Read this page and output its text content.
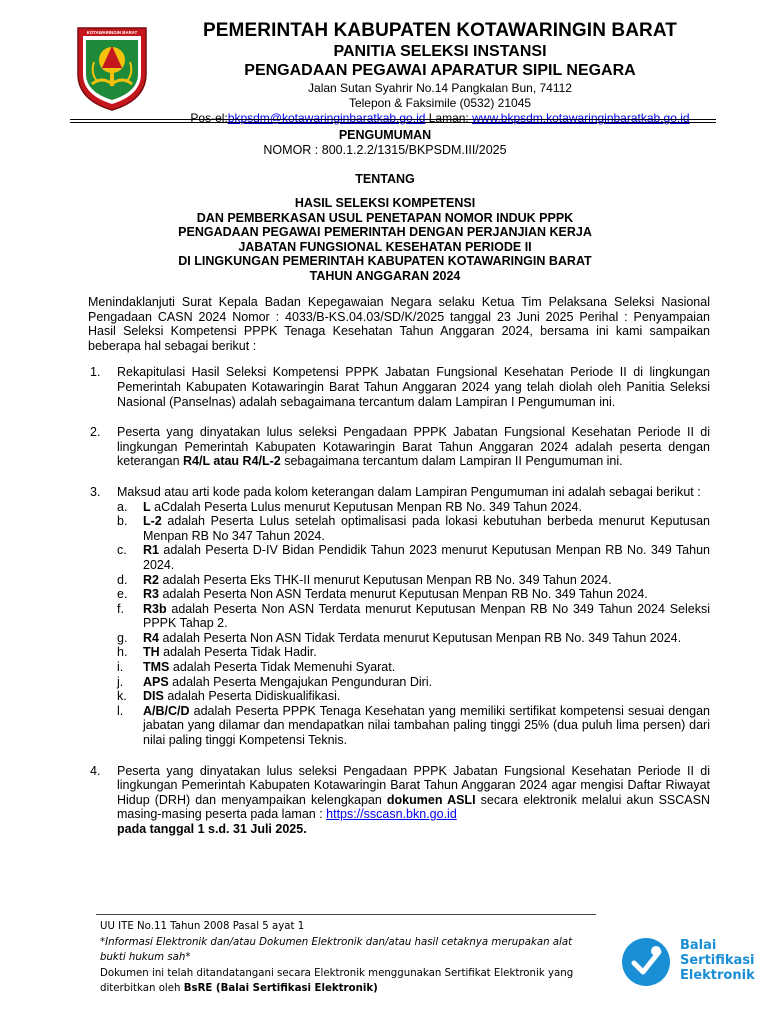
KOTAWARINGIN BARAT	PEMERINTAH KABUPATEN KOTAWARINGIN BARAT
PANITIA SELEKSI INSTANSI
PENGADAAN PEGAWAI APARATUR SIPIL NEGARA
Jalan Sutan Syahrir No.14 Pangkalan Bun, 74112
Telepon & Faksimile (0532) 21045
Pos-el:bkpsdm@kotawaringinbaratkab.go.id Laman: www.bkpsdm.kotawaringinbaratkab.go.id
PENGUMUMAN
NOMOR : 800.1.2.2/1315/BKPSDM.III/2025
TENTANG
HASIL SELEKSI KOMPETENSI
DAN PEMBERKASAN USUL PENETAPAN NOMOR INDUK PPPK
PENGADAAN PEGAWAI PEMERINTAH DENGAN PERJANJIAN KERJA
JABATAN FUNGSIONAL KESEHATAN PERIODE II
DI LINGKUNGAN PEMERINTAH KABUPATEN KOTAWARINGIN BARAT
TAHUN ANGGARAN 2024

Menindaklanjuti Surat Kepala Badan Kepegawaian Negara selaku Ketua Tim Pelaksana Seleksi Nasional Pengadaan CASN 2024 Nomor : 4033/B-KS.04.03/SD/K/2025 tanggal 23 Juni 2025 Perihal : Penyampaian Hasil Seleksi Kompetensi PPPK Tenaga Kesehatan Tahun Anggaran 2024, bersama ini kami sampaikan beberapa hal sebagai berikut :

1. Rekapitulasi Hasil Seleksi Kompetensi PPPK Jabatan Fungsional Kesehatan Periode II di lingkungan Pemerintah Kabupaten Kotawaringin Barat Tahun Anggaran 2024 yang telah diolah oleh Panitia Seleksi Nasional (Panselnas) adalah sebagaimana tercantum dalam Lampiran I Pengumuman ini.
2. Peserta yang dinyatakan lulus seleksi Pengadaan PPPK Jabatan Fungsional Kesehatan Periode II di lingkungan Pemerintah Kabupaten Kotawaringin Barat Tahun Anggaran 2024 adalah peserta dengan keterangan R4/L atau R4/L-2 sebagaimana tercantum dalam Lampiran II Pengumuman ini.
3. Maksud atau arti kode pada kolom keterangan dalam Lampiran Pengumuman ini adalah sebagai berikut :
a. L aCdalah Peserta Lulus menurut Keputusan Menpan RB No. 349 Tahun 2024.
b. L-2 adalah Peserta Lulus setelah optimalisasi pada lokasi kebutuhan berbeda menurut Keputusan Menpan RB No 347 Tahun 2024.
c. R1 adalah Peserta D-IV Bidan Pendidik Tahun 2023 menurut Keputusan Menpan RB No. 349 Tahun 2024.
d. R2 adalah Peserta Eks THK-II menurut Keputusan Menpan RB No. 349 Tahun 2024.
e. R3 adalah Peserta Non ASN Terdata menurut Keputusan Menpan RB No. 349 Tahun 2024.
f. R3b adalah Peserta Non ASN Terdata menurut Keputusan Menpan RB No 349 Tahun 2024 Seleksi PPPK Tahap 2.
g. R4 adalah Peserta Non ASN Tidak Terdata menurut Keputusan Menpan RB No. 349 Tahun 2024.
h. TH adalah Peserta Tidak Hadir.
i. TMS adalah Peserta Tidak Memenuhi Syarat.
j. APS adalah Peserta Mengajukan Pengunduran Diri.
k. DIS adalah Peserta Didiskualifikasi.
l. A/B/C/D adalah Peserta PPPK Tenaga Kesehatan yang memiliki sertifikat kompetensi sesuai dengan jabatan yang dilamar dan mendapatkan nilai tambahan paling tinggi 25% (dua puluh lima persen) dari nilai paling tinggi Kompetensi Teknis.
4. Peserta yang dinyatakan lulus seleksi Pengadaan PPPK Jabatan Fungsional Kesehatan Periode II di lingkungan Pemerintah Kabupaten Kotawaringin Barat Tahun Anggaran 2024 agar mengisi Daftar Riwayat Hidup (DRH) dan menyampaikan kelengkapan dokumen ASLI secara elektronik melalui akun SSCASN masing-masing peserta pada laman : https://sscasn.bkn.go.id
pada tanggal 1 s.d. 31 Juli 2025.
UU ITE No.11 Tahun 2008 Pasal 5 ayat 1
*Informasi Elektronik dan/atau Dokumen Elektronik dan/atau hasil cetaknya merupakan alat bukti hukum sah*
Dokumen ini telah ditandatangani secara Elektronik menggunakan Sertifikat Elektronik yang diterbitkan oleh BsRE (Balai Sertifikasi Elektronik)
Balai
Sertifikasi
Elektronik
